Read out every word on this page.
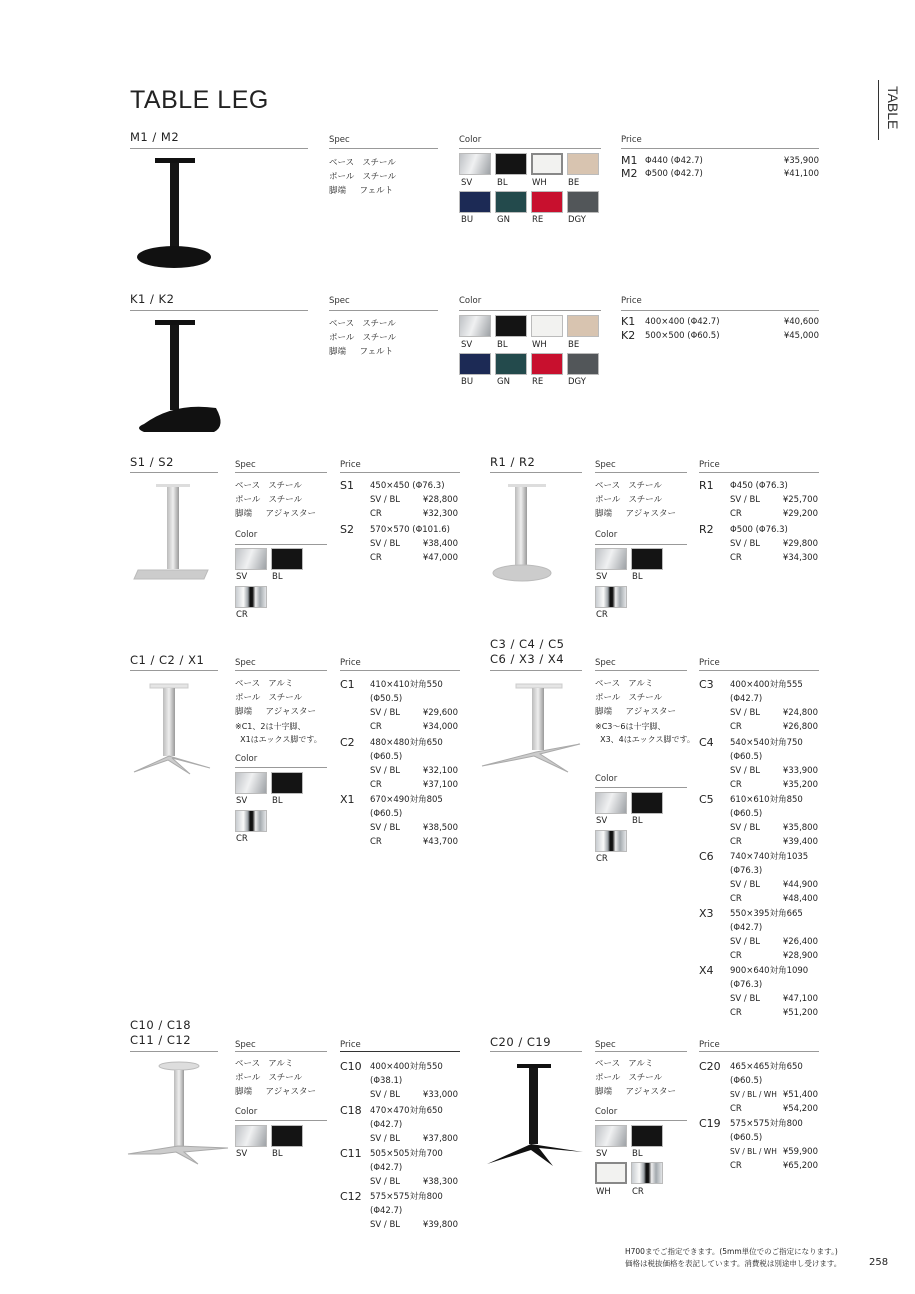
TABLE LEG	TABLE
M1 / M2	Spec	Color	Price
ベース スチール
ポール スチール
脚端 フェルト
SV	BL	WH BE
BU	GN	RE	DGY
M1 Φ440 (Φ42.7)	¥35,900
M2 Φ500 (Φ42.7)	¥41,100
K1 / K2	Spec	Color	Price
ベース スチール
ポール スチール
脚端 フェルト
SV	BL	WH BE
BU	GN	RE	DGY
K1 400×400 (Φ42.7)	¥40,600
K2 500×500 (Φ60.5)	¥45,000
S1 / S2	Spec	Price
ベース スチール
ポール スチール
脚端 アジャスター
Color
SV	BL
CR
S1 450×450 (Φ76.3)
SV / BL	¥28,800
CR	¥32,300
S2 570×570 (Φ101.6)
SV / BL	¥38,400
CR	¥47,000
R1 / R2	Spec	Price
ベース スチール
ポール スチール
脚端 アジャスター
Color
SV	BL
CR
R1 Φ450 (Φ76.3)
SV / BL	¥25,700
CR	¥29,200
R2 Φ500 (Φ76.3)
SV / BL	¥29,800
CR	¥34,300
C1 / C2 / X1	Spec	Price
ベース アルミ
ポール スチール
脚端 アジャスター
※C1、2は十字脚、
X1はエックス脚です。
Color
SV	BL
CR
C1 410×410対角550
(Φ50.5)
SV / BL	¥29,600
CR	¥34,000
C2 480×480対角650
(Φ60.5)
SV / BL	¥32,100
CR	¥37,100
X1 670×490対角805
(Φ60.5)
SV / BL	¥38,500
CR	¥43,700
C3 / C4 / C5
C6 / X3 / X4	Spec	Price
ベース アルミ
ポール スチール
脚端 アジャスター
※C3〜6は十字脚、
X3、4はエックス脚です。
Color
SV	BL
CR
C3 400×400対角555
(Φ42.7)
SV / BL	¥24,800
CR	¥26,800
C4 540×540対角750
(Φ60.5)
SV / BL	¥33,900
CR	¥35,200
C5 610×610対角850
(Φ60.5)
SV / BL	¥35,800
CR	¥39,400
C6 740×740対角1035
(Φ76.3)
SV / BL	¥44,900
CR	¥48,400
X3 550×395対角665
(Φ42.7)
SV / BL	¥26,400
CR	¥28,900
X4 900×640対角1090
(Φ76.3)
SV / BL	¥47,100
CR	¥51,200
C10 / C18
C11 / C12	Spec	Price
ベース アルミ
ポール スチール
脚端 アジャスター
Color
SV	BL
C10 400×400対角550
(Φ38.1)
SV / BL	¥33,000
C18 470×470対角650
(Φ42.7)
SV / BL	¥37,800
C11 505×505対角700
(Φ42.7)
SV / BL	¥38,300
C12 575×575対角800
(Φ42.7)
SV / BL	¥39,800
C20 / C19	Spec	Price
ベース アルミ
ポール スチール
脚端 アジャスター
Color
SV	BL
WH CR
C20 465×465対角650
(Φ60.5)
SV / BL / WH ¥51,400
CR	¥54,200
C19 575×575対角800
(Φ60.5)
SV / BL / WH ¥59,900
CR	¥65,200
H700までご指定できます。(5mm単位でのご指定になります。)
価格は税抜価格を表記しています。消費税は別途申し受けます。	258
